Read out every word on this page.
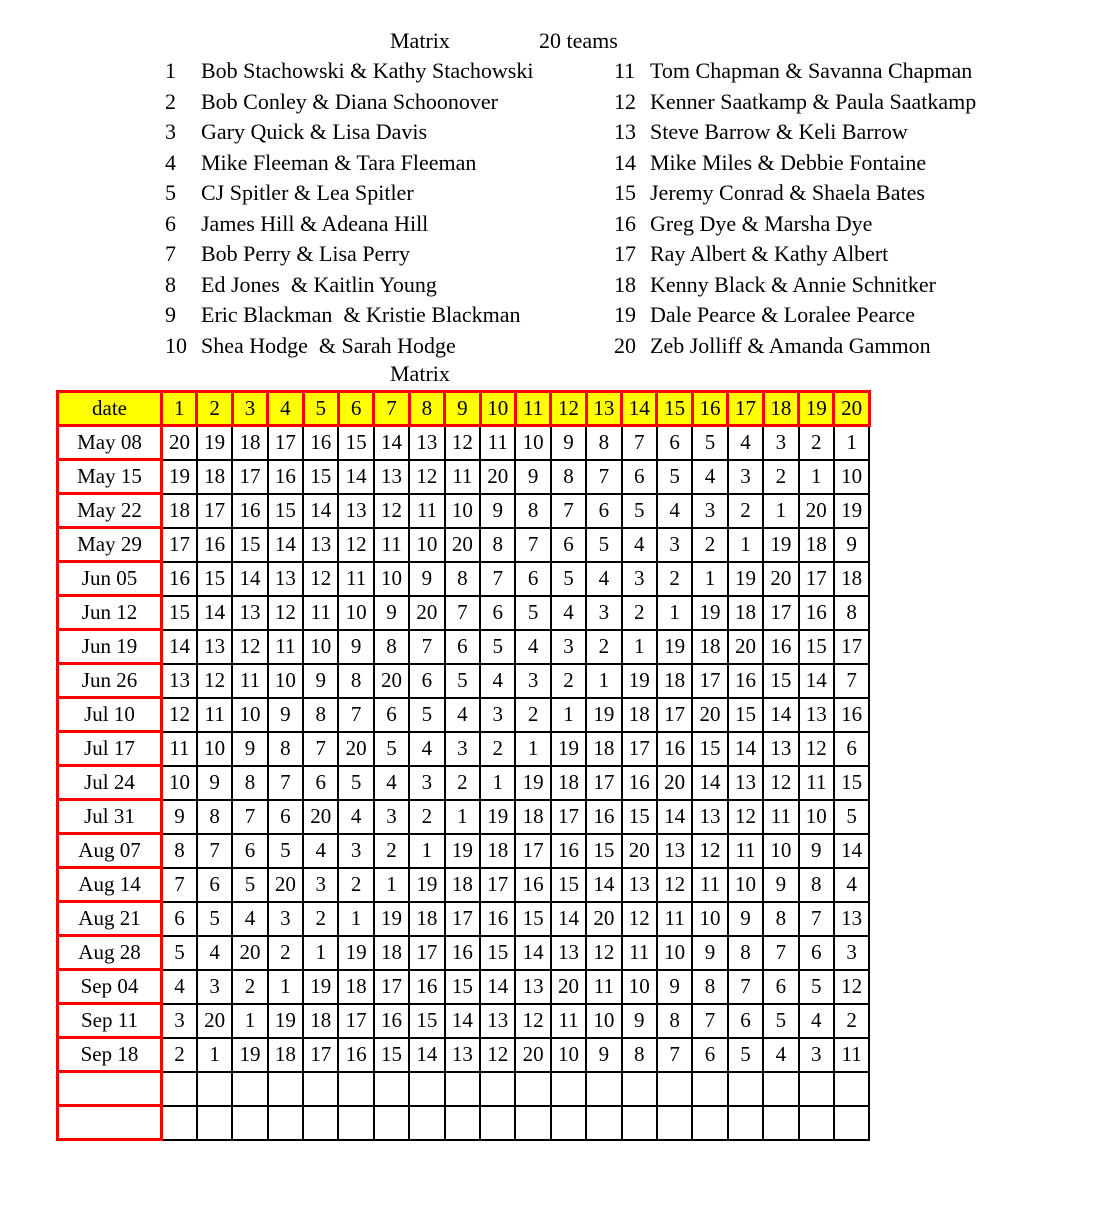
Matrix	20 teams
1 Bob Stachowski & Kathy Stachowski
2 Bob Conley & Diana Schoonover
3 Gary Quick & Lisa Davis
4 Mike Fleeman & Tara Fleeman
5 CJ Spitler & Lea Spitler
6 James Hill & Adeana Hill
7 Bob Perry & Lisa Perry
8 Ed Jones  & Kaitlin Young
9 Eric Blackman  & Kristie Blackman
10 Shea Hodge  & Sarah Hodge
11 Tom Chapman & Savanna Chapman
12 Kenner Saatkamp & Paula Saatkamp
13 Steve Barrow & Keli Barrow
14 Mike Miles & Debbie Fontaine
15 Jeremy Conrad & Shaela Bates
16 Greg Dye & Marsha Dye
17 Ray Albert & Kathy Albert
18 Kenny Black & Annie Schnitker
19 Dale Pearce & Loralee Pearce
20 Zeb Jolliff & Amanda Gammon
Matrix
date	1	2	3	4	5	6	7	8	9	10	11	12	13	14	15	16	17	18	19	20
May 08	20	19	18	17	16	15	14	13	12	11	10	9	8	7	6	5	4	3	2	1
May 15	19	18	17	16	15	14	13	12	11	20	9	8	7	6	5	4	3	2	1	10
May 22	18	17	16	15	14	13	12	11	10	9	8	7	6	5	4	3	2	1	20	19
May 29	17	16	15	14	13	12	11	10	20	8	7	6	5	4	3	2	1	19	18	9
Jun 05	16	15	14	13	12	11	10	9	8	7	6	5	4	3	2	1	19	20	17	18
Jun 12	15	14	13	12	11	10	9	20	7	6	5	4	3	2	1	19	18	17	16	8
Jun 19	14	13	12	11	10	9	8	7	6	5	4	3	2	1	19	18	20	16	15	17
Jun 26	13	12	11	10	9	8	20	6	5	4	3	2	1	19	18	17	16	15	14	7
Jul 10	12	11	10	9	8	7	6	5	4	3	2	1	19	18	17	20	15	14	13	16
Jul 17	11	10	9	8	7	20	5	4	3	2	1	19	18	17	16	15	14	13	12	6
Jul 24	10	9	8	7	6	5	4	3	2	1	19	18	17	16	20	14	13	12	11	15
Jul 31	9	8	7	6	20	4	3	2	1	19	18	17	16	15	14	13	12	11	10	5
Aug 07	8	7	6	5	4	3	2	1	19	18	17	16	15	20	13	12	11	10	9	14
Aug 14	7	6	5	20	3	2	1	19	18	17	16	15	14	13	12	11	10	9	8	4
Aug 21	6	5	4	3	2	1	19	18	17	16	15	14	20	12	11	10	9	8	7	13
Aug 28	5	4	20	2	1	19	18	17	16	15	14	13	12	11	10	9	8	7	6	3
Sep 04	4	3	2	1	19	18	17	16	15	14	13	20	11	10	9	8	7	6	5	12
Sep 11	3	20	1	19	18	17	16	15	14	13	12	11	10	9	8	7	6	5	4	2
Sep 18	2	1	19	18	17	16	15	14	13	12	20	10	9	8	7	6	5	4	3	11
